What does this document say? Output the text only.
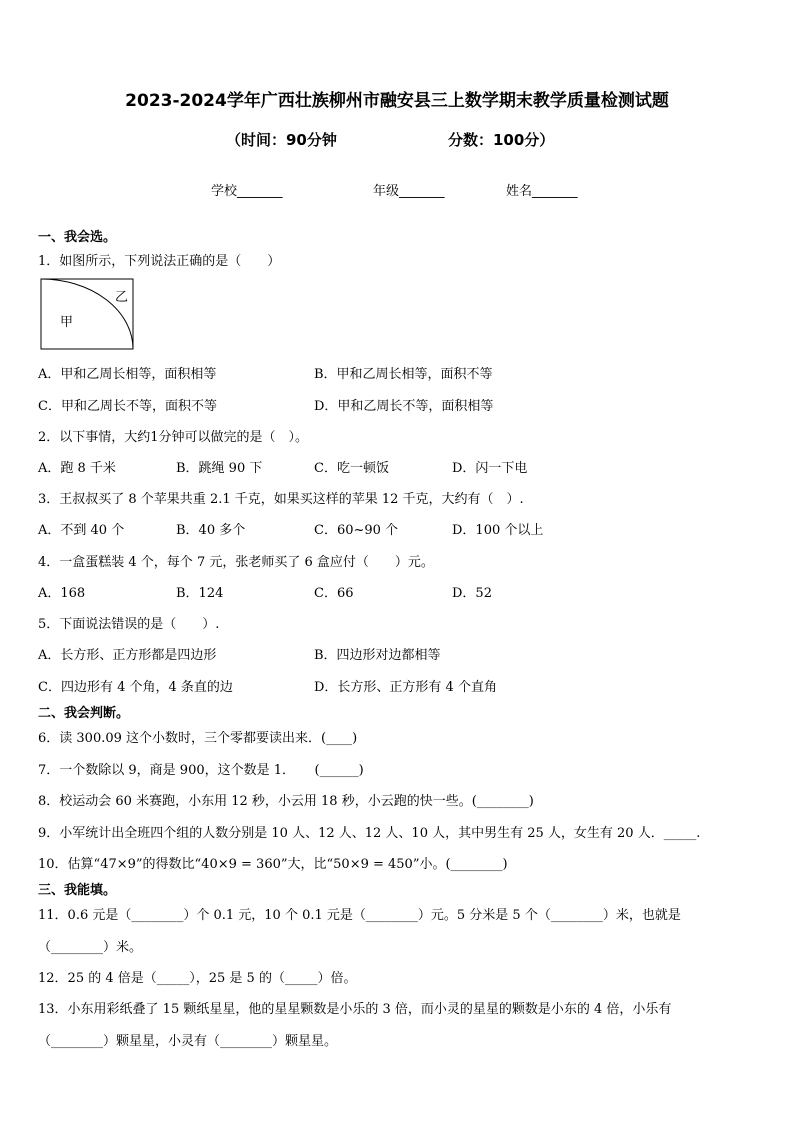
2023-2024学年广西壮族柳州市融安县三上数学期末教学质量检测试题
（时间：90分钟	分数：100分）
学校_______	年级_______	姓名_______
一、我会选。
1．如图所示，下列说法正确的是（　　）
甲
乙
A．甲和乙周长相等，面积相等	B．甲和乙周长相等，面积不等
C．甲和乙周长不等，面积不等	D．甲和乙周长不等，面积相等
2．以下事情，大约1分钟可以做完的是（　）。
A．跑 8 千米	B．跳绳 90 下	C．吃一顿饭	D．闪一下电
3．王叔叔买了 8 个苹果共重 2.1 千克，如果买这样的苹果 12 千克，大约有（　）.
A．不到 40 个	B．40 多个	C．60~90 个	D．100 个以上
4．一盒蛋糕装 4 个，每个 7 元，张老师买了 6 盒应付（　　）元。
A．168	B．124	C．66	D．52
5．下面说法错误的是（　　）.
A．长方形、正方形都是四边形	B．四边形对边都相等
C．四边形有 4 个角，4 条直的边	D．长方形、正方形有 4 个直角
二、我会判断。
6．读 300.09 这个小数时，三个零都要读出来．(____)
7．一个数除以 9，商是 900，这个数是 1．　　(______)
8．校运动会 60 米赛跑，小东用 12 秒，小云用 18 秒，小云跑的快一些。(________)
9．小军统计出全班四个组的人数分别是 10 人、12 人、12 人、10 人，其中男生有 25 人，女生有 20 人．_____.
10．估算“47×9”的得数比“40×9 = 360”大，比“50×9 = 450”小。(________)
三、我能填。
11．0.6 元是（________）个 0.1 元，10 个 0.1 元是（________）元。5 分米是 5 个（________）米，也就是
（________）米。
12．25 的 4 倍是（_____），25 是 5 的（_____）倍。
13．小东用彩纸叠了 15 颗纸星星，他的星星颗数是小乐的 3 倍，而小灵的星星的颗数是小东的 4 倍，小乐有
（________）颗星星，小灵有（________）颗星星。
